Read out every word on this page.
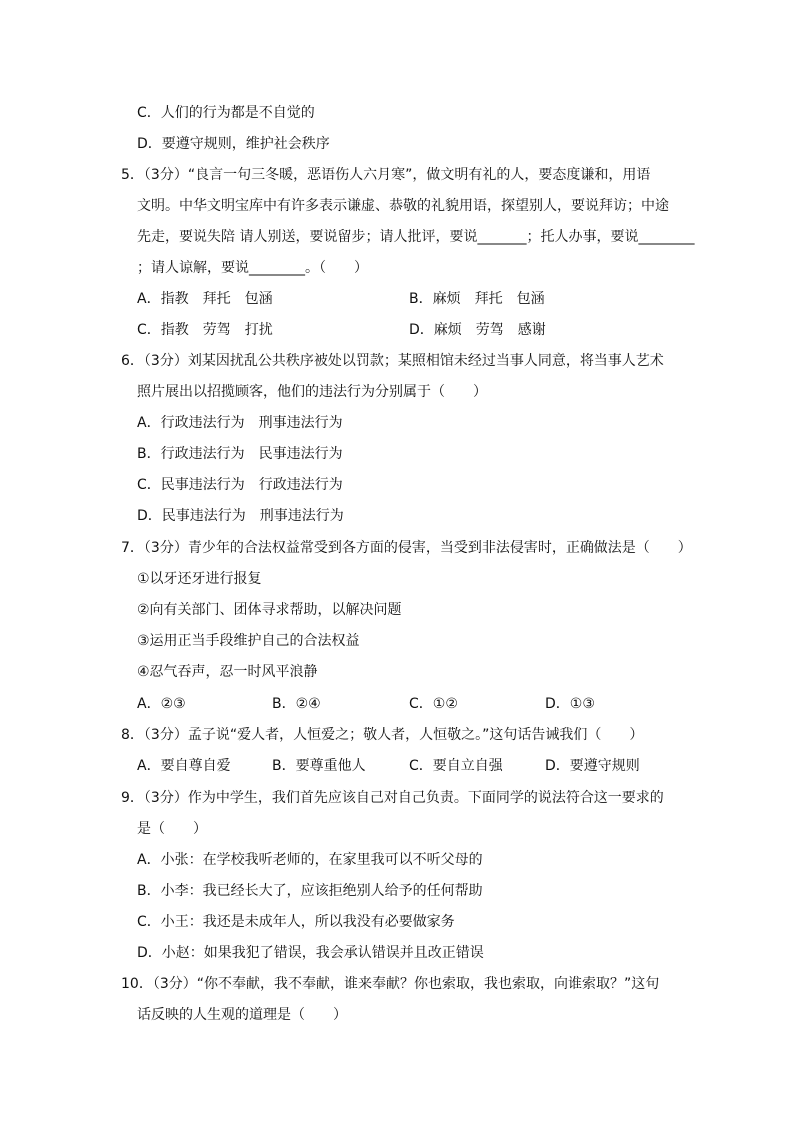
C．人们的行为都是不自觉的
D．要遵守规则，维护社会秩序
5．（3分）“良言一句三冬暖，恶语伤人六月寒”，做文明有礼的人，要态度谦和，用语
文明。中华文明宝库中有许多表示谦虚、恭敬的礼貌用语，探望别人，要说拜访；中途
先走，要说失陪 请人别送，要说留步；请人批评，要说_______；托人办事，要说________
；请人谅解，要说________。（　　）
A．指教　拜托　包涵	B．麻烦　拜托　包涵
C．指教　劳驾　打扰	D．麻烦　劳驾　感谢
6．（3分）刘某因扰乱公共秩序被处以罚款；某照相馆未经过当事人同意，将当事人艺术
照片展出以招揽顾客，他们的违法行为分别属于（　　）
A．行政违法行为　刑事违法行为
B．行政违法行为　民事违法行为
C．民事违法行为　行政违法行为
D．民事违法行为　刑事违法行为
7．（3分）青少年的合法权益常受到各方面的侵害，当受到非法侵害时，正确做法是（　　）
①以牙还牙进行报复
②向有关部门、团体寻求帮助，以解决问题
③运用正当手段维护自己的合法权益
④忍气吞声，忍一时风平浪静
A．②③	B．②④	C．①②	D．①③
8．（3分）孟子说“爱人者，人恒爱之；敬人者，人恒敬之。”这句话告诫我们（　　）
A．要自尊自爱	B．要尊重他人	C．要自立自强	D．要遵守规则
9．（3分）作为中学生，我们首先应该自己对自己负责。下面同学的说法符合这一要求的
是（　　）
A．小张：在学校我听老师的，在家里我可以不听父母的
B．小李：我已经长大了，应该拒绝别人给予的任何帮助
C．小王：我还是未成年人，所以我没有必要做家务
D．小赵：如果我犯了错误，我会承认错误并且改正错误
10．（3分）“你不奉献，我不奉献，谁来奉献？你也索取，我也索取，向谁索取？”这句
话反映的人生观的道理是（　　）
